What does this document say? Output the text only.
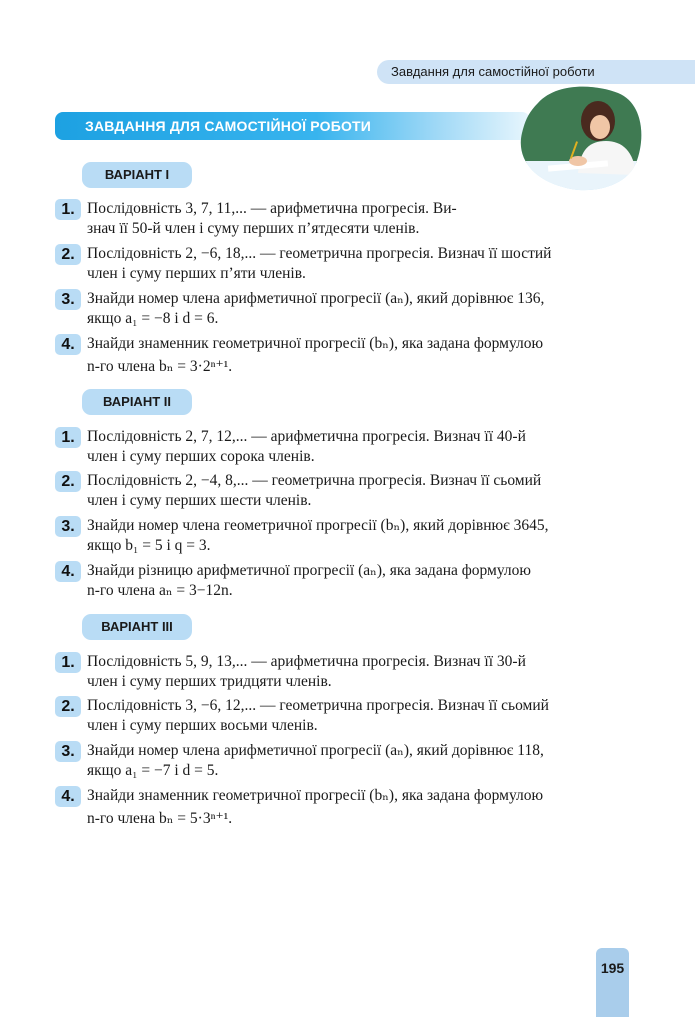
Завдання для самостійної роботи
ЗАВДАННЯ ДЛЯ САМОСТІЙНОЇ РОБОТИ
ВАРІАНТ І
1. Послідовність 3, 7, 11,... — арифметична прогресія. Ви-
знач її 50-й член і суму перших п’ятдесяти членів.
2. Послідовність 2, −6, 18,... — геометрична прогресія. Визнач її шостий
член і суму перших п’яти членів.
3. Знайди номер члена арифметичної прогресії (aₙ), який дорівнює 136,
якщо a₁ = −8 і d = 6.
4. Знайди знаменник геометричної прогресії (bₙ), яка задана формулою
n-го члена bₙ = 3·2ⁿ⁺¹.
ВАРІАНТ ІІ
1. Послідовність 2, 7, 12,... — арифметична прогресія. Визнач її 40-й
член і суму перших сорока членів.
2. Послідовність 2, −4, 8,... — геометрична прогресія. Визнач її сьомий
член і суму перших шести членів.
3. Знайди номер члена геометричної прогресії (bₙ), який дорівнює 3645,
якщо b₁ = 5 і q = 3.
4. Знайди різницю арифметичної прогресії (aₙ), яка задана формулою
n-го члена aₙ = 3−12n.
ВАРІАНТ ІІІ
1. Послідовність 5, 9, 13,... — арифметична прогресія. Визнач її 30-й
член і суму перших тридцяти членів.
2. Послідовність 3, −6, 12,... — геометрична прогресія. Визнач її сьомий
член і суму перших восьми членів.
3. Знайди номер члена арифметичної прогресії (aₙ), який дорівнює 118,
якщо a₁ = −7 і d = 5.
4. Знайди знаменник геометричної прогресії (bₙ), яка задана формулою
n-го члена bₙ = 5·3ⁿ⁺¹.
195
